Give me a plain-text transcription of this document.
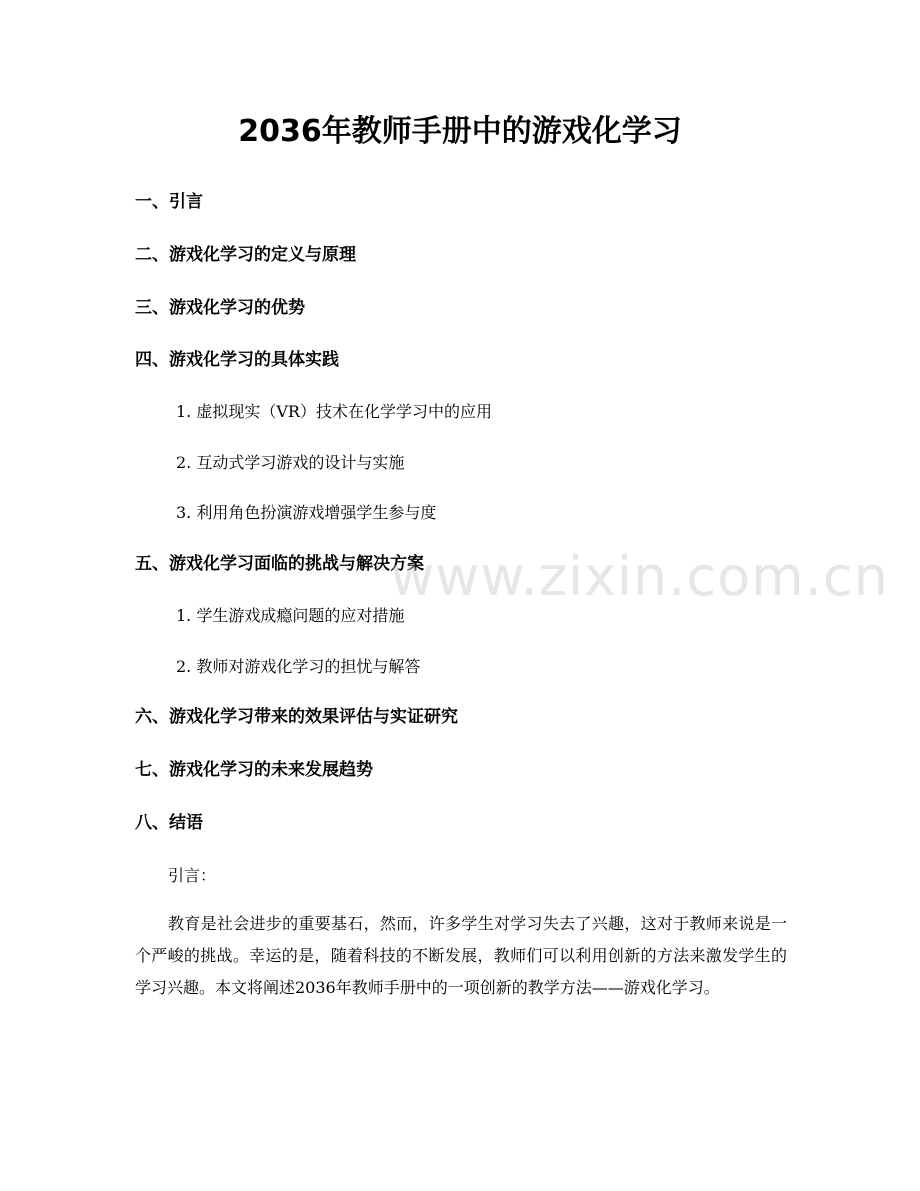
2036年教师手册中的游戏化学习

一、引言

二、游戏化学习的定义与原理

三、游戏化学习的优势

四、游戏化学习的具体实践

1. 虚拟现实（VR）技术在化学学习中的应用

2. 互动式学习游戏的设计与实施

3. 利用角色扮演游戏增强学生参与度

五、游戏化学习面临的挑战与解决方案

1. 学生游戏成瘾问题的应对措施

2. 教师对游戏化学习的担忧与解答

六、游戏化学习带来的效果评估与实证研究

七、游戏化学习的未来发展趋势

八、结语

引言：

教育是社会进步的重要基石，然而，许多学生对学习失去了兴趣，这对于教师来说是一个严峻的挑战。幸运的是，随着科技的不断发展，教师们可以利用创新的方法来激发学生的学习兴趣。本文将阐述2036年教师手册中的一项创新的教学方法——游戏化学习。

www.zixin.com.cn
